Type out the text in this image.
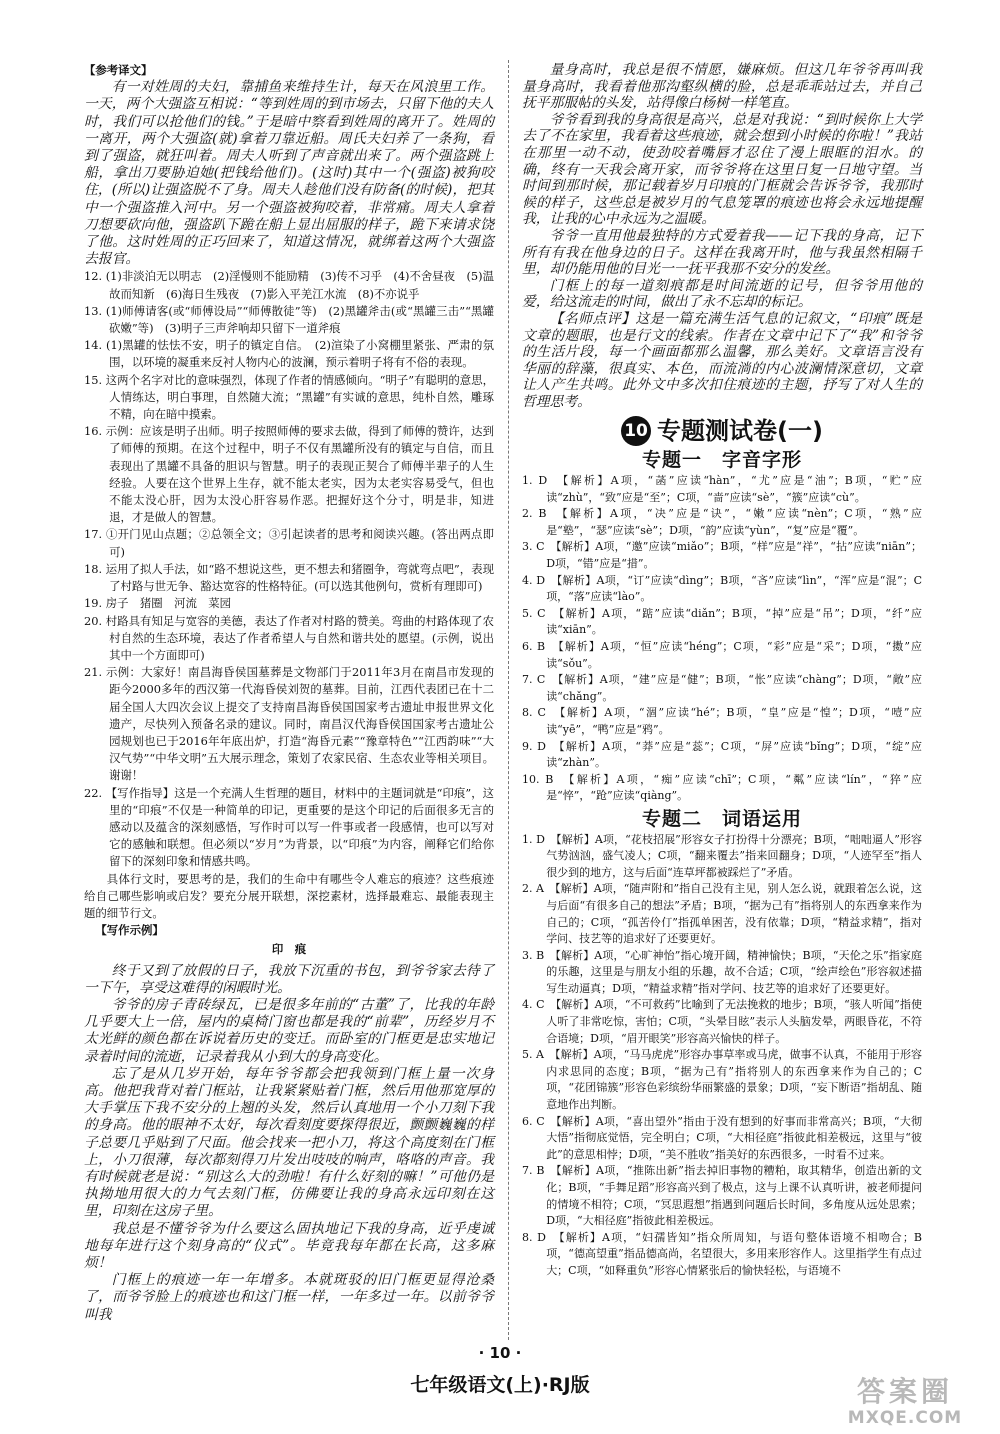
【参考译文】

有一对姓周的夫妇，靠捕鱼来维持生计，每天在风浪里工作。一天，两个大强盗互相说：“等到姓周的到市场去，只留下他的夫人时，我们可以抢他们的钱。”于是暗中察看到姓周的离开了。姓周的一离开，两个大强盗(就)拿着刀靠近船。周氏夫妇养了一条狗，看到了强盗，就狂叫着。周夫人听到了声音就出来了。两个强盗跳上船，拿出刀要胁迫她(把钱给他们)。(这时)其中一个(强盗)被狗咬住，(所以)让强盗脱不了身。周夫人趁他们没有防备(的时候)，把其中一个强盗推入河中。另一个强盗被狗咬着，非常痛。周夫人拿着刀想要砍向他，强盗趴下跪在船上显出屈服的样子，跪下来请求饶了他。这时姓周的正巧回来了，知道这情况，就绑着这两个大强盗去报官。

12. (1)非淡泊无以明志　(2)淫慢则不能励精　(3)传不习乎　(4)不舍昼夜　(5)温故而知新　(6)海日生残夜　(7)影入平羌江水流　(8)不亦说乎

13. (1)师傅请客(或“师傅设局”“师傅散徒”等)　(2)黑罐斧击(或“黑罐三击”“黑罐砍嫩”等)　(3)明子三声斧响却只留下一道斧痕

14. (1)黑罐的怯怯不安，明子的镇定自信。　(2)渲染了小窝棚里紧张、严肃的氛围，以环境的凝重来反衬人物内心的波澜，预示着明子将有不俗的表现。

15. 这两个名字对比的意味强烈，体现了作者的情感倾向。“明子”有聪明的意思，人情练达，明白事理，自然随大流；“黑罐”有实诚的意思，纯朴自然，雕琢不精，向在暗中摸索。

16. 示例：应该是明子出师。明子按照师傅的要求去做，得到了师傅的赞许，达到了师傅的预期。在这个过程中，明子不仅有黑罐所没有的镇定与自信，而且表现出了黑罐不具备的胆识与智慧。明子的表现正契合了师傅半辈子的人生经验。人要在这个世界上生存，就不能太老实，因为太老实容易受气，但也不能太没心肝，因为太没心肝容易作恶。把握好这个分寸，明是非，知进退，才是做人的智慧。

17. ①开门见山点题；②总领全文；③引起读者的思考和阅读兴趣。(答出两点即可)

18. 运用了拟人手法，如“路不想说这些，更不想去和猪圈争，弯就弯点吧”，表现了村路与世无争、豁达宽容的性格特征。(可以选其他例句，赏析有理即可)

19. 房子　猪圈　河流　菜园

20. 村路具有知足与宽容的美德，表达了作者对村路的赞美。弯曲的村路体现了农村自然的生态环境，表达了作者希望人与自然和谐共处的愿望。(示例，说出其中一个方面即可)

21. 示例：大家好！南昌海昏侯国墓葬是文物部门于2011年3月在南昌市发现的距今2000多年的西汉第一代海昏侯刘贺的墓葬。目前，江西代表团已在十二届全国人大四次会议上提交了支持南昌海昏侯国国家考古遗址申报世界文化遗产，尽快列入预备名录的建议。同时，南昌汉代海昏侯国国家考古遗址公园规划也已于2016年年底出炉，打造“海昏元素”“豫章特色”“江西韵味”“大汉气势”“中华文明”五大展示理念，策划了农家民宿、生态农业等相关项目。谢谢！

22. 【写作指导】这是一个充满人生哲理的题目，材料中的主题词就是“印痕”，这里的“印痕”不仅是一种简单的印记，更重要的是这个印记的后面很多无言的感动以及蕴含的深刻感悟，写作时可以写一件事或者一段感情，也可以写对它的感触和联想。但必须以“岁月”为背景，以“印痕”为内容，阐释它们给你留下的深刻印象和情感共鸣。

具体行文时，要思考的是，我们的生命中有哪些令人难忘的痕迹？这些痕迹给自己哪些影响或启发？要充分展开联想，深挖素材，选择最难忘、最能表现主题的细节行文。

【写作示例】

印　痕

终于又到了放假的日子，我放下沉重的书包，到爷爷家去待了一下午，享受这难得的闲暇时光。

爷爷的房子青砖绿瓦，已是很多年前的“古董”了，比我的年龄几乎要大上一倍，屋内的桌椅门窗也都是我的“前辈”，历经岁月不太光鲜的颜色都在诉说着历史的变迁。而卧室的门框更是忠实地记录着时间的流逝，记录着我从小到大的身高变化。

忘了是从几岁开始，每年爷爷都会把我领到门框上量一次身高。他把我背对着门框站，让我紧紧贴着门框，然后用他那宽厚的大手掌压下我不安分的上翘的头发，然后认真地用一个小刀刻下我的身高。他的眼神不太好，每次看刻度要探得很近，颤颤巍巍的样子总要几乎贴到了尺面。他会找来一把小刀，将这个高度刻在门框上，小刀很薄，每次都刻得刀片发出吱吱的响声，咯咯的声音。我有时候就老是说：“别这么大的劲啦！有什么好刻的嘛！”可他仍是执拗地用很大的力气去刻门框，仿佛要让我的身高永远印刻在这里，印刻在这房子里。

我总是不懂爷爷为什么要这么固执地记下我的身高，近乎虔诚地每年进行这个刻身高的“仪式”。毕竟我每年都在长高，这多麻烦！

门框上的痕迹一年一年增多。本就斑驳的旧门框更显得沧桑了，而爷爷脸上的痕迹也和这门框一样，一年多过一年。以前爷爷叫我

量身高时，我总是很不情愿，嫌麻烦。但这几年爷爷再叫我量身高时，我看着他那沟壑纵横的脸，总是乖乖站过去，并自己抚平那服帖的头发，站得像白杨树一样笔直。

爷爷看到我的身高很是高兴，总是对我说：“到时候你上大学去了不在家里，我看着这些痕迹，就会想到小时候的你啦！”我站在那里一动不动，使劲咬着嘴唇才忍住了漫上眼眶的泪水。的确，终有一天我会离开家，而爷爷将在这里日复一日地守望。当时间到那时候，那记载着岁月印痕的门框就会告诉爷爷，我那时候的样子，这些总是被岁月的气息笼罩的痕迹也将会永远地提醒我，让我的心中永远为之温暖。

爷爷一直用他最独特的方式爱着我——记下我的身高，记下所有有我在他身边的日子。这样在我离开时，他与我虽然相隔千里，却仍能用他的目光一一抚平我那不安分的发丝。

门框上的每一道刻痕都是时间流逝的记号，但爷爷用他的爱，给这流走的时间，做出了永不忘却的标记。

【名师点评】这是一篇充满生活气息的记叙文，“印痕”既是文章的题眼，也是行文的线索。作者在文章中记下了“我”和爷爷的生活片段，每一个画面都那么温馨，那么美好。文章语言没有华丽的辞藻，很真实、本色，而流淌的内心波澜情深意切，文章让人产生共鸣。此外文中多次扣住痕迹的主题，抒写了对人生的哲理思考。

10 专题测试卷(一)
专题一　字音字形

1. D　【解析】A项，“菡”应读“hàn”，“尤”应是“油”；B项，“贮”应读“zhù”，“致”应是“至”；C项，“啬”应读“sè”，“簇”应读“cù”。

2. B　【解析】A项，“决”应是“诀”，“嫩”应读“nèn”；C项，“熟”应是“塾”，“瑟”应读“sè”；D项，“韵”应读“yùn”，“复”应是“覆”。

3. C　【解析】A项，“邀”应读“miǎo”；B项，“样”应是“祥”，“拈”应读“niān”；D项，“错”应是“措”。

4. D　【解析】A项，“订”应读“dìng”；B项，“吝”应读“lìn”，“浑”应是“混”；C项，“落”应读“lào”。

5. C　【解析】A项，“踮”应读“diǎn”；B项，“掉”应是“吊”；D项，“纤”应读“xiān”。

6. B　【解析】A项，“恒”应读“héng”；C项，“彩”应是“采”；D项，“擞”应读“sǒu”。

7. C　【解析】A项，“建”应是“健”；B项，“怅”应读“chàng”；D项，“敞”应读“chǎng”。

8. C　【解析】A项，“涸”应读“hé”；B项，“皇”应是“惶”；D项，“噎”应读“yē”，“鸭”应是“鸦”。

9. D　【解析】A项，“莽”应是“蕊”；C项，“屏”应读“bǐng”；D项，“绽”应读“zhàn”。

10. B　【解析】A项，“痴”应读“chī”；C项，“粼”应读“lín”，“猝”应是“悴”，“跄”应读“qiàng”。

专题二　词语运用

1. D　【解析】A项，“花枝招展”形容女子打扮得十分漂亮；B项，“咄咄逼人”形容气势汹汹，盛气凌人；C项，“翻来覆去”指来回翻身；D项，“人迹罕至”指人很少到的地方，这与后面“连草坪都被踩烂了”矛盾。

2. A　【解析】A项，“随声附和”指自己没有主见，别人怎么说，就跟着怎么说，这与后面“有很多自己的想法”矛盾；B项，“据为己有”指将别人的东西拿来作为自己的；C项，“孤苦伶仃”指孤单困苦，没有依靠；D项，“精益求精”，指对学问、技艺等的追求好了还要更好。

3. B　【解析】A项，“心旷神怡”指心境开阔，精神愉快；B项，“天伦之乐”指家庭的乐趣，这里是与朋友小组的乐趣，故不合适；C项，“绘声绘色”形容叙述描写生动逼真；D项，“精益求精”指对学问、技艺等的追求好了还要更好。

4. C　【解析】A项，“不可救药”比喻到了无法挽救的地步；B项，“骇人听闻”指使人听了非常吃惊，害怕；C项，“头晕目眩”表示人头脑发晕，两眼昏花，不符合语境；D项，“眉开眼笑”形容高兴愉快的样子。

5. A　【解析】A项，“马马虎虎”形容办事草率或马虎，做事不认真，不能用于形容内求思同的态度；B项，“据为己有”指将别人的东西拿来作为自己的；C项，“花团锦簇”形容色彩缤纷华丽繁盛的景象；D项，“妄下断语”指胡乱、随意地作出判断。

6. C　【解析】A项，“喜出望外”指由于没有想到的好事而非常高兴；B项，“大彻大悟”指彻底觉悟，完全明白；C项，“大相径庭”指彼此相差极远，这里与“彼此”的意思相悖；D项，“美不胜收”指美好的东西很多，一时看不过来。

7. B　【解析】A项，“推陈出新”指去掉旧事物的糟粕，取其精华，创造出新的文化；B项，“手舞足蹈”形容高兴到了极点，这与上课不认真听讲，被老师提问的情境不相符；C项，“冥思遐想”指遇到问题后长时间，多角度从远处思索；D项，“大相径庭”指彼此相差极远。

8. D　【解析】A项，“妇孺皆知”指众所周知，与语句整体语境不相吻合；B项，“德高望重”指品德高尚，名望很大，多用来形容作人。这里指学生有点过大；C项，“如释重负”形容心情紧张后的愉快轻松，与语境不

· 10 ·
七年级语文(上)·RJ版	答案圈
MXQE.COM
